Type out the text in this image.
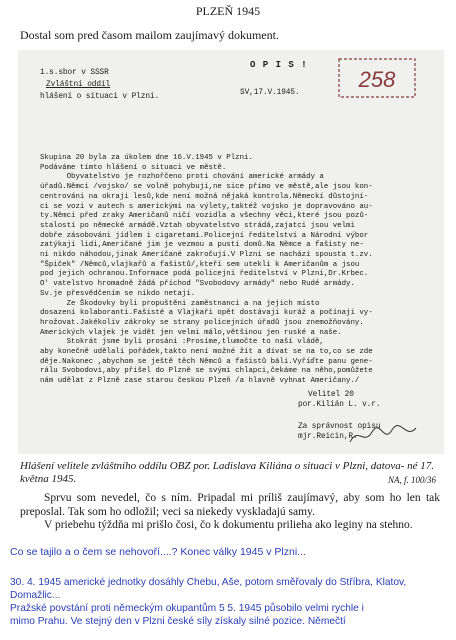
PLZEŇ 1945
Dostal som pred časom mailom zaujímavý dokument.
1.s.sbor v SSSR
Zvláštní oddíl
hlášení o situaci v Plzni.
O P I S !
SV,17.V.1945.
258
Skupina 20 byla za úkolem dne 16.V.1945 v Plzni.
Podáváme tímto hlášení o situaci ve městě.
Obyvatelstvo je rozhořčeno proti chování americké armády a
úřadů.Němci /vojsko/ se volně pohybují,ne sice přímo ve městě,ale jsou kon-
centrováni na okraji lesů,kde není možná nějaká kontrola.Německí důstojní-
ci se vozí v autech s americkými na výlety,taktéž vojsko je dopravováno au-
ty.Němci před zraky Američanů ničí vozidla a všechny věci,které jsou pozů-
stalostí po německé armádě.Vztah obyvatelstvo strádá,zajatci jsou velmi
dobře zásobováni jídlem i cigaretami.Policejní ředitelství a Národní výbor
zatýkají lidi,Američané jim je vezmou a pustí domů.Na Němce a fašisty ne-
ní nikdo náhodou,jinak Američané zakročují.V Plzni se nachází spousta t.zv.
"Špiček" /Němců,vlajkařů a fašistů/,kteří sem utekli k Američanům a jsou
pod jejich ochranou.Informace podá policejní ředitelství v Plzni,Dr.Krbec.
O' vatelstvo hromadně žádá příchod "Svobodovy armády" nebo Rudé armády.
Sv.je přesvědčením se nikdo netají.
Ze Škodovky byli propuštěni zaměstnanci a na jejich místo
dosazeni kolaboranti.Fašisté a Vlajkaři opět dostávají kuráž a počínají vy-
hrožovat.Jakékoliv zákroky se strany policejních úřadů jsou znemožňovány.
Amerických vlajek je vidět jen velmi málo,většinou jen ruské a naše.
Stokrát jsme byli prosáni :Prosíme,tlumočte to naší vládě,
aby konečně udělali pořádek,takto není možné žít a dívat se na to,co se zde
děje.Nakonec ,abychom se ještě těch Němců a fašistů báli.Vyříďte panu gene-
rálu Svobodovi,aby přišel do Plzně se svými chlapci,čekáme na něho,pomůžete
nám udělat z Plzně zase starou českou Plzeň /a hlavně vyhnat Američany./
Velitel 20
por.Kilián L. v.r.
Za správnost opisu
mjr.Reicin,R.
Hlášení velitele zvláštního oddílu OBZ por. Ladislava Kiliána o situaci v Plzni, datova- né 17. května 1945.	NA, f. 100/36

Sprvu som nevedel, čo s ním. Pripadal mi príliš zaujímavý, aby som ho len tak preposlal. Tak som ho odložil; veci sa niekedy vyskladajú samy.

V priebehu týždňa mi prišlo čosi, čo k dokumentu prilieha ako leginy na stehno.

Co se tajilo a o čem se nehovoří....? Konec války 1945 v Plzni...
30. 4. 1945 americké jednotky dosáhly Chebu, Aše, potom směřovaly do Stříbra, Klatov,
Domažlic...
Pražské povstání proti německým okupantům 5 5. 1945 působilo velmi rychle i
mimo Prahu. Ve stejný den v Plzni české síly získaly silné pozice. Němečtí
